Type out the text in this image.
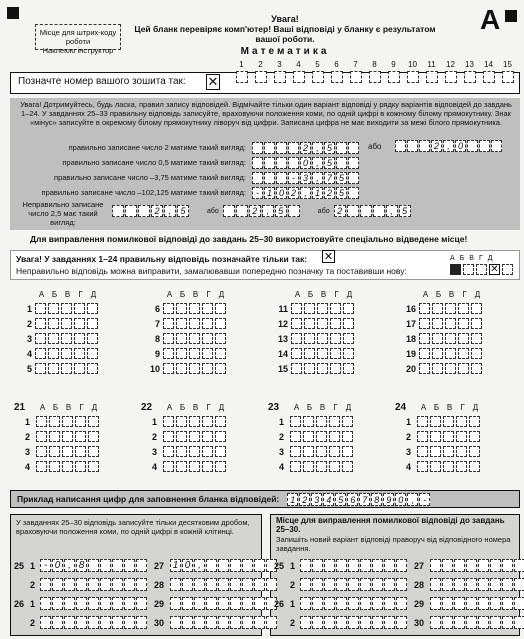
Місце для штрих-коду роботи
Наклеюю інструктор
Увага!
Цей бланк перевіряє комп'ютер! Ваші відповіді у бланку є результатом вашої роботи.
Математика
А
Позначте номер вашого зошита так: ✕
1	2	3	4	5	6	7	8	9	10	11	12	13	14	15
Увага! Дотримуйтесь, будь ласка, правил запису відповідей. Відмічайте тільки один варіант відповіді у рядку варіантів відповідей до завдань 1–24. У завданнях 25–33 правильну відповідь записуйте, враховуючи положення коми, по одній цифрі в кожному білому прямокутнику. Знак «мінус» записуйте в окремому білому прямокутнику ліворуч від цифри. Записана цифра не має виходити за межі білого прямокутника.
правильно записане число 2 матиме такий вигляд:	2 , 5
правильно записане число 0,5 матиме такий вигляд:	0 , 5
правильно записане число –3,75 матиме такий вигляд:	- 3 , 7 5
правильно записане число –102,125 матиме такий вигляд:	- 1 0 2 , 1 2 5
або	2 , 0
Неправильно записане число 2,5 має такий вигляд:
2	,	5	або	2	,	5	або 2	,	5
Для виправлення помилкової відповіді до завдань 25–30 використовуйте спеціально відведене місце!
Увага! У завданнях 1–24 правильну відповідь позначайте тільки так: ✕
Неправильно відповідь можна виправити, замалювавши попередню позначку та поставивши нову:
А Б В Г Д
✕
А Б В	Г	Д
1
2
3
4
5
А Б В	Г	Д
6
7
8
9
10
А Б В	Г	Д
11
12
13
14
15
А Б В	Г	Д
16
17
18
19
20
21	А Б В	Г	Д
1
2
3
4
22	А Б В	Г	Д
1
2
3
4
23	А Б В	Г	Д
1
2
3
4
24	А Б В	Г	Д
1
2
3
4
Приклад написання цифр для заповнення бланка відповідей:	1 2 3 4 5 6 7 8 9 0 ,	-
У завданнях 25–30 відповідь записуйте тільки десятковим дробом, враховуючи положення коми, по одній цифрі в кожній клітинці.
Місце для виправлення помилкової відповіді до завдань 25–30.
Запишіть новий варіант відповіді праворуч від відповідного номера завдання.
25 1 - 0 , 8
2
26 1
2
27 1 0 ,
28
29
30
25 1
2
26 1
2
27
28
29
30
